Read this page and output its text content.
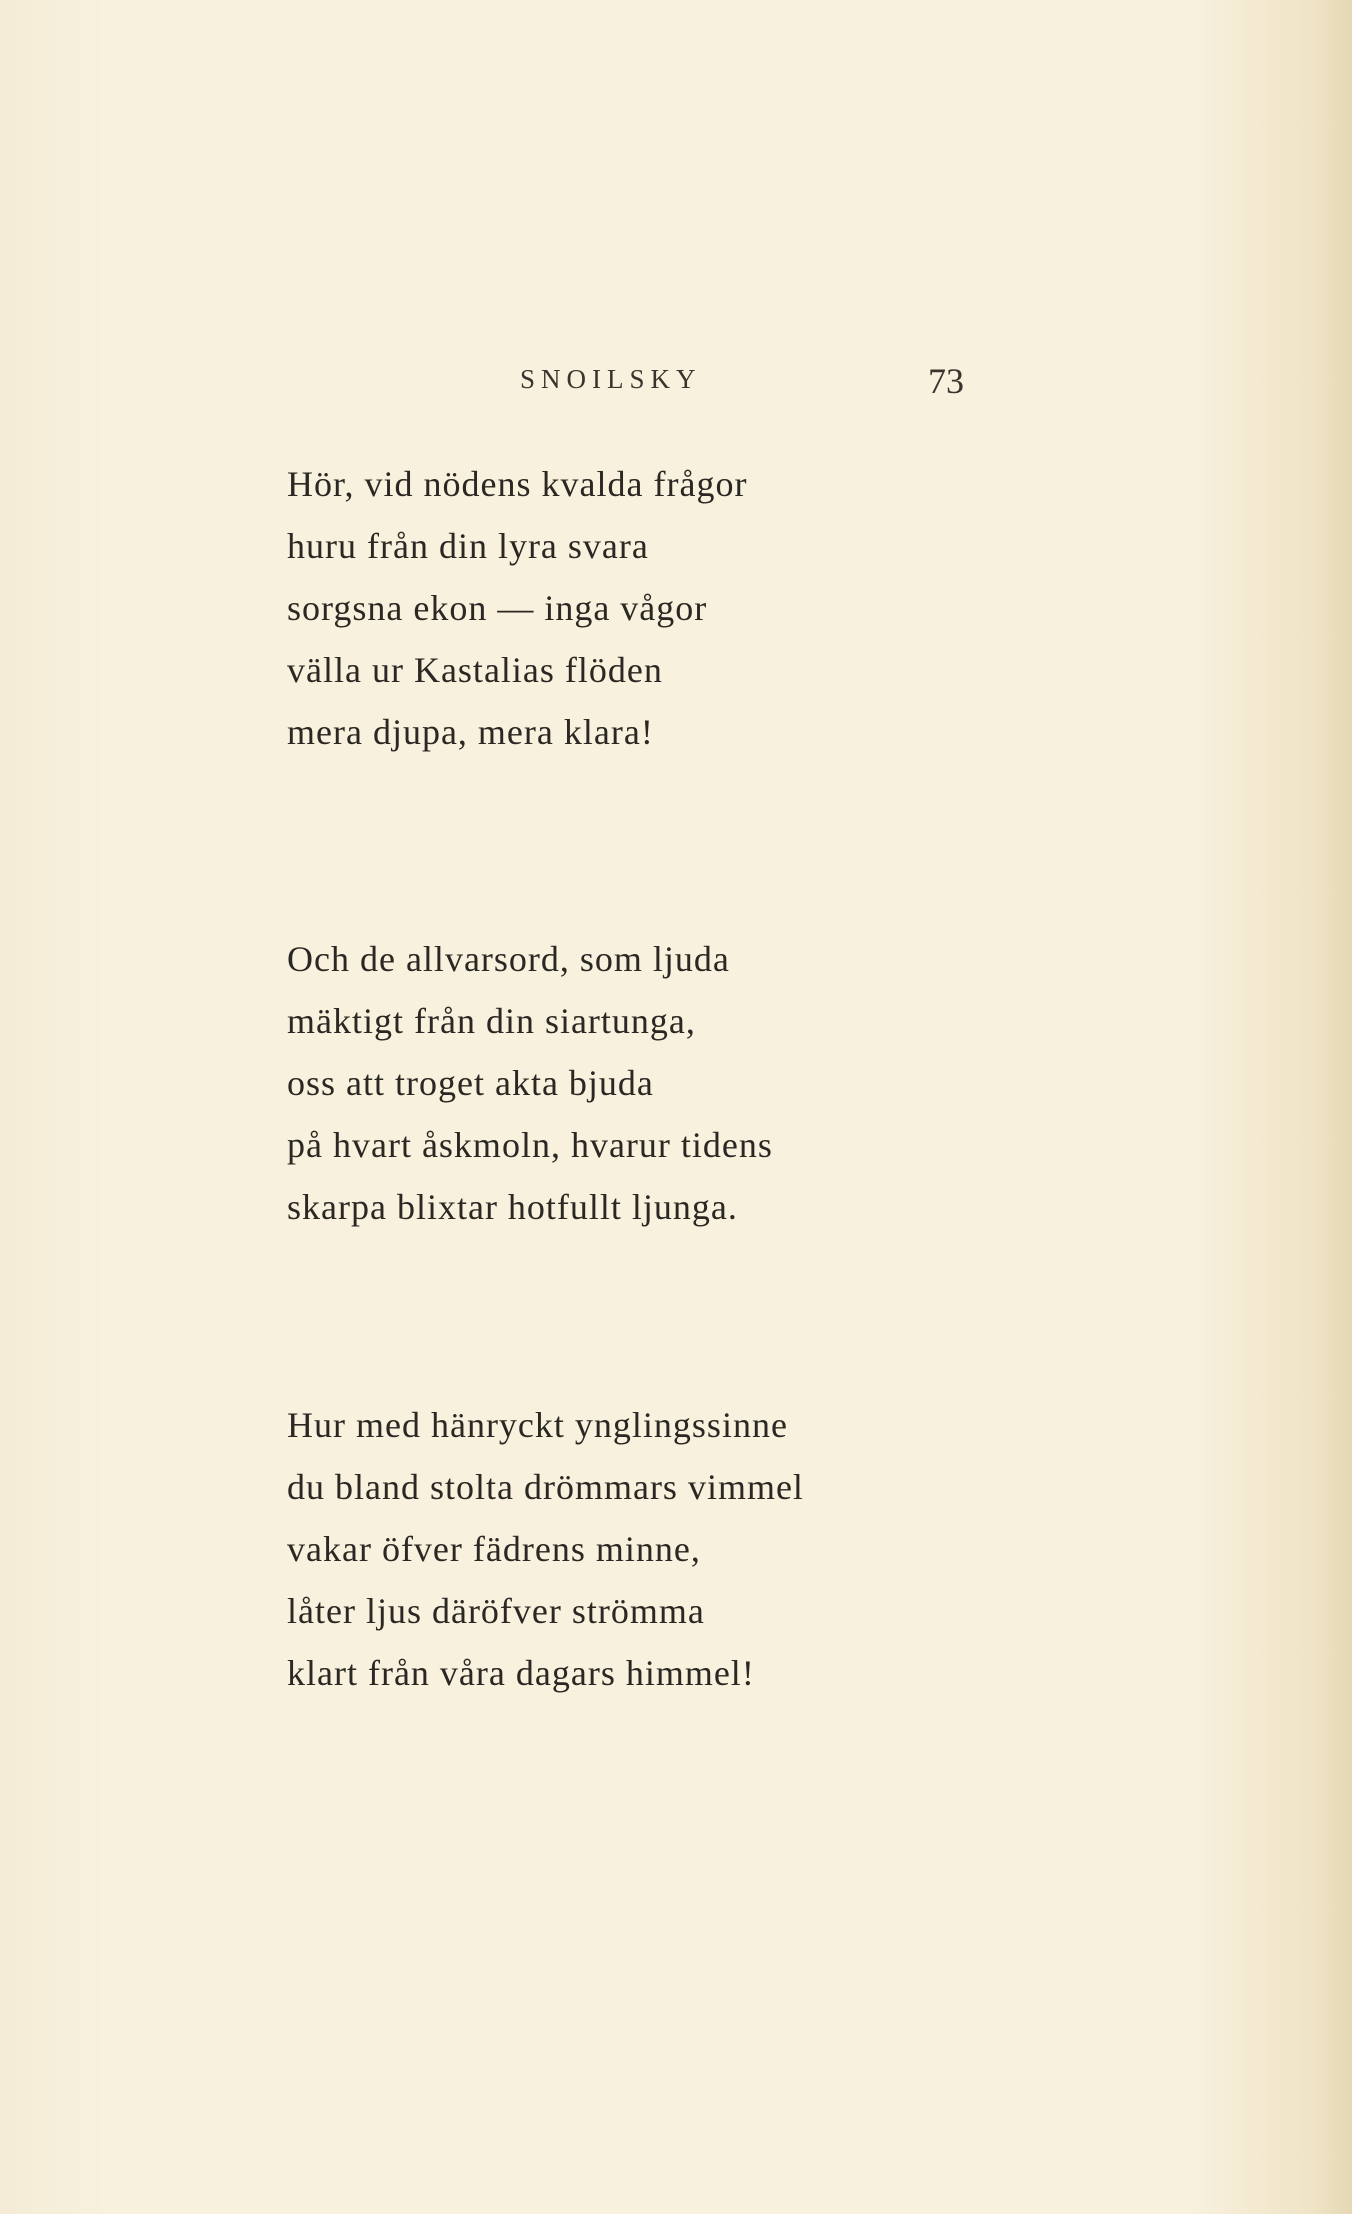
SNOILSKY	73
Hör, vid nödens kvalda frågor
huru från din lyra svara
sorgsna ekon — inga vågor
välla ur Kastalias flöden
mera djupa, mera klara!
Och de allvarsord, som ljuda
mäktigt från din siartunga,
oss att troget akta bjuda
på hvart åskmoln, hvarur tidens
skarpa blixtar hotfullt ljunga.
Hur med hänryckt ynglingssinne
du bland stolta drömmars vimmel
vakar öfver fädrens minne,
låter ljus däröfver strömma
klart från våra dagars himmel!
